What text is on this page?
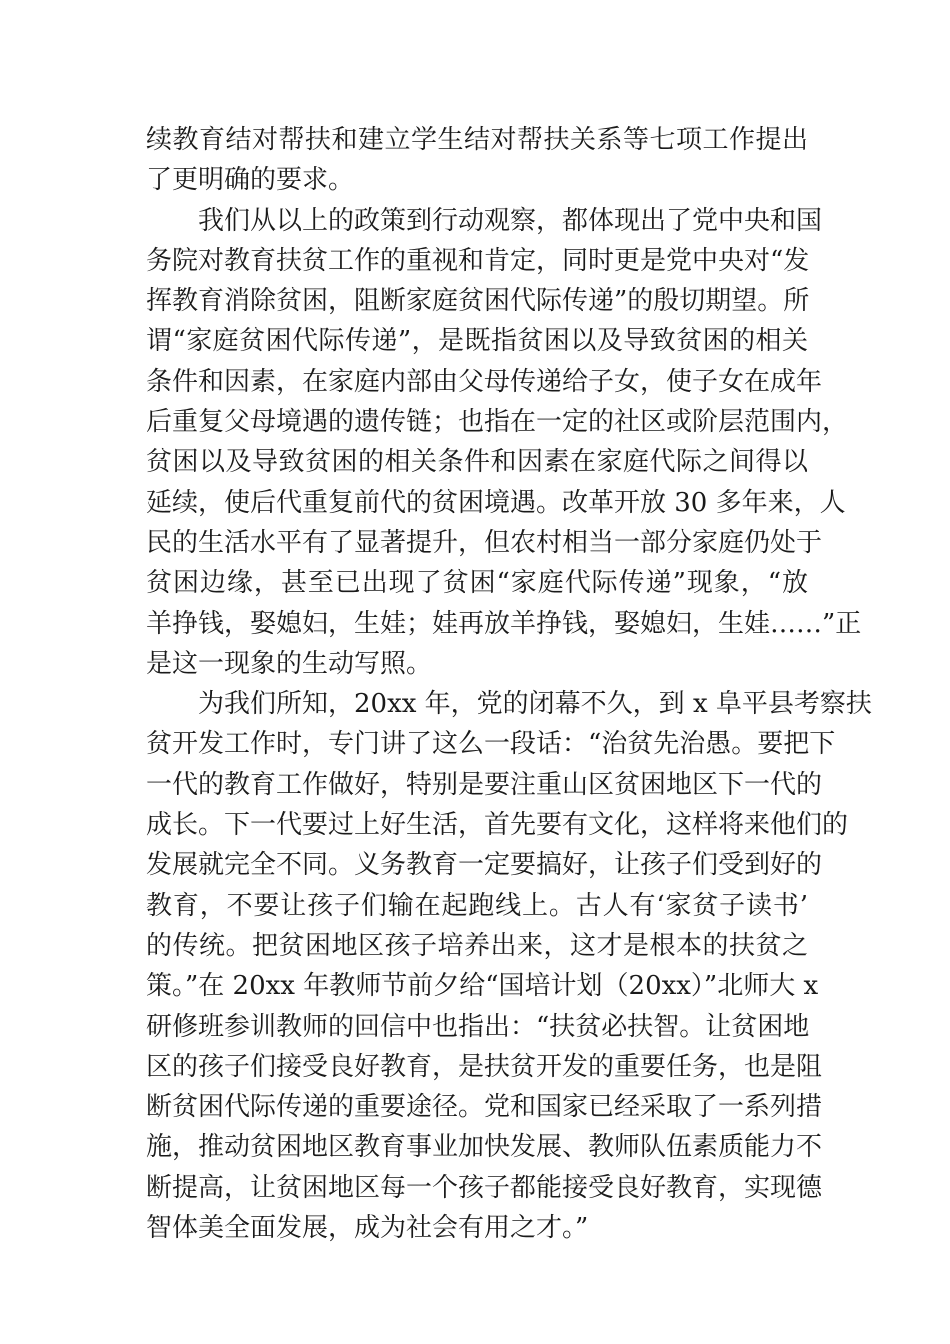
续教育结对帮扶和建立学生结对帮扶关系等七项工作提出
了更明确的要求。
我们从以上的政策到行动观察，都体现出了党中央和国
务院对教育扶贫工作的重视和肯定，同时更是党中央对“发
挥教育消除贫困，阻断家庭贫困代际传递”的殷切期望。所
谓“家庭贫困代际传递”，是既指贫困以及导致贫困的相关
条件和因素，在家庭内部由父母传递给子女，使子女在成年
后重复父母境遇的遗传链；也指在一定的社区或阶层范围内，
贫困以及导致贫困的相关条件和因素在家庭代际之间得以
延续，使后代重复前代的贫困境遇。改革开放 30 多年来，人
民的生活水平有了显著提升，但农村相当一部分家庭仍处于
贫困边缘，甚至已出现了贫困“家庭代际传递”现象，“放
羊挣钱，娶媳妇，生娃；娃再放羊挣钱，娶媳妇，生娃……”正
是这一现象的生动写照。
为我们所知，20xx 年，党的闭幕不久，到 x 阜平县考察扶
贫开发工作时，专门讲了这么一段话：“治贫先治愚。要把下
一代的教育工作做好，特别是要注重山区贫困地区下一代的
成长。下一代要过上好生活，首先要有文化，这样将来他们的
发展就完全不同。义务教育一定要搞好，让孩子们受到好的
教育，不要让孩子们输在起跑线上。古人有‘家贫子读书’
的传统。把贫困地区孩子培养出来，这才是根本的扶贫之
策。”在 20xx 年教师节前夕给“国培计划（20xx）”北师大 x
研修班参训教师的回信中也指出：“扶贫必扶智。让贫困地
区的孩子们接受良好教育，是扶贫开发的重要任务，也是阻
断贫困代际传递的重要途径。党和国家已经采取了一系列措
施，推动贫困地区教育事业加快发展、教师队伍素质能力不
断提高，让贫困地区每一个孩子都能接受良好教育，实现德
智体美全面发展，成为社会有用之才。”
